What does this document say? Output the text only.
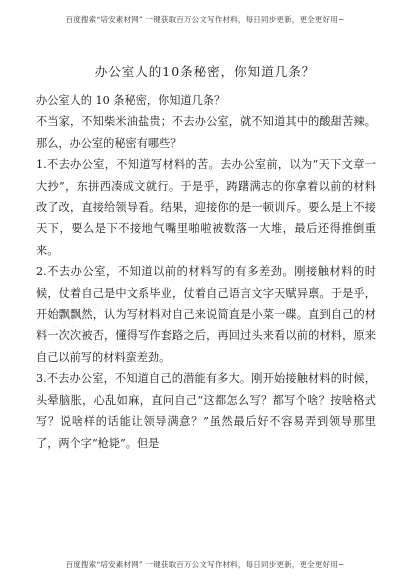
百度搜索“培安素材网” 一键获取百万公文写作材料，每日同步更新，更全更好用~
办公室人的10条秘密，你知道几条？

办公室人的 10 条秘密，你知道几条？

不当家，不知柴米油盐贵；不去办公室，就不知道其中的酸甜苦辣。那么，办公室的秘密有哪些？

1.不去办公室，不知道写材料的苦。去办公室前，以为“天下文章一大抄”，东拼西凑成文就行。于是乎，踌躇满志的你拿着以前的材料改了改，直接给领导看。结果，迎接你的是一顿训斥。要么是上不接天下，要么是下不接地气嘴里啪啦被数落一大堆，最后还得推倒重来。

2.不去办公室，不知道以前的材料写的有多差劲。刚接触材料的时候，仗着自己是中文系毕业，仗着自己语言文字天赋异禀。于是乎，开始飘飘然，认为写材料对自己来说简直是小菜一碟。直到自己的材料一次次被否，懂得写作套路之后，再回过头来看以前的材料，原来自己以前写的材料蛮差劲。

3.不去办公室，不知道自己的潜能有多大。刚开始接触材料的时候，头晕脑胀，心乱如麻，直问自己“这都怎么写？都写个啥？按啥格式写？说啥样的话能让领导满意？”虽然最后好不容易弄到领导那里了，两个字“枪毙”。但是

百度搜索“培安素材网” 一键获取百万公文写作材料，每日同步更新，更全更好用~
